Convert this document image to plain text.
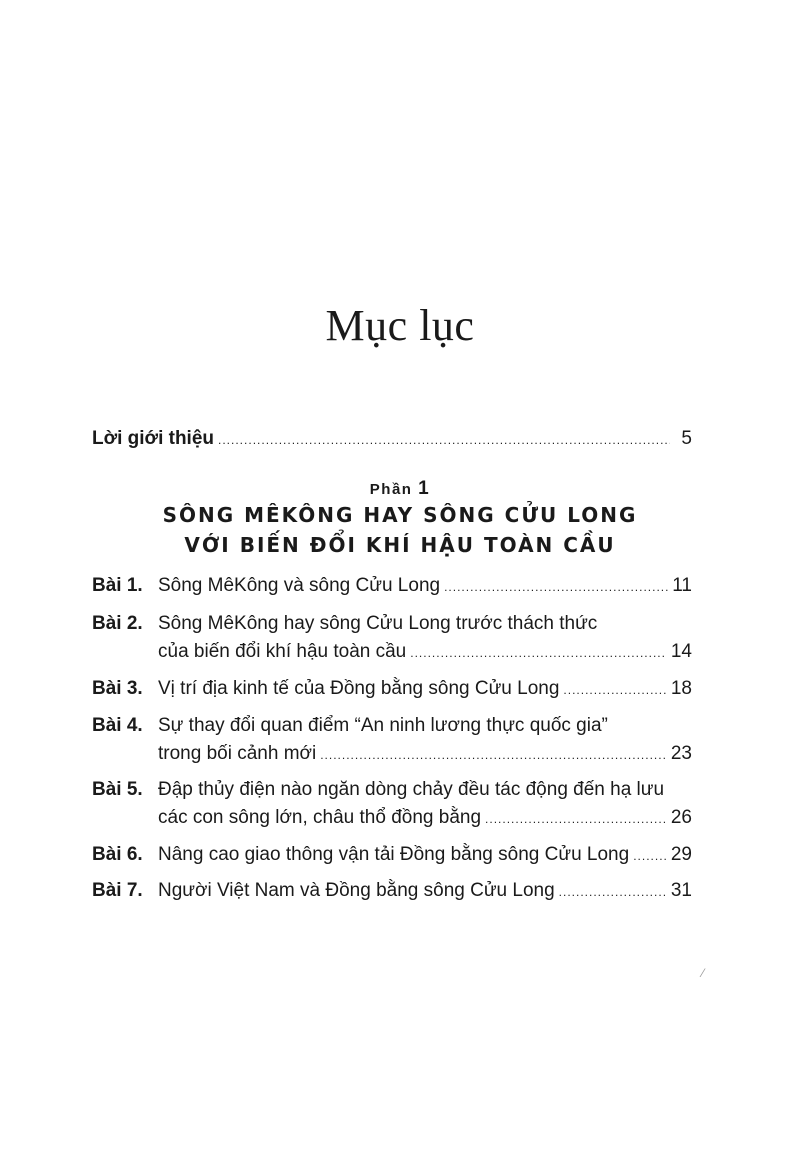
Mục lục
Lời giới thiệu .....	5
Phần 1
SÔNG MÊKÔNG HAY SÔNG CỬU LONG
VỚI BIẾN ĐỔI KHÍ HẬU TOÀN CẦU
Bài 1. Sông MêKông và sông Cửu Long .....	11
Bài 2. Sông MêKông hay sông Cửu Long trước thách thức
của biến đổi khí hậu toàn cầu .....	14
Bài 3. Vị trí địa kinh tế của Đồng bằng sông Cửu Long .....	18
Bài 4. Sự thay đổi quan điểm “An ninh lương thực quốc gia”
trong bối cảnh mới .....	23
Bài 5. Đập thủy điện nào ngăn dòng chảy đều tác động đến hạ lưu
các con sông lớn, châu thổ đồng bằng .....	26
Bài 6. Nâng cao giao thông vận tải Đồng bằng sông Cửu Long ..... 29
Bài 7. Người Việt Nam và Đồng bằng sông Cửu Long .....	31
⁄
